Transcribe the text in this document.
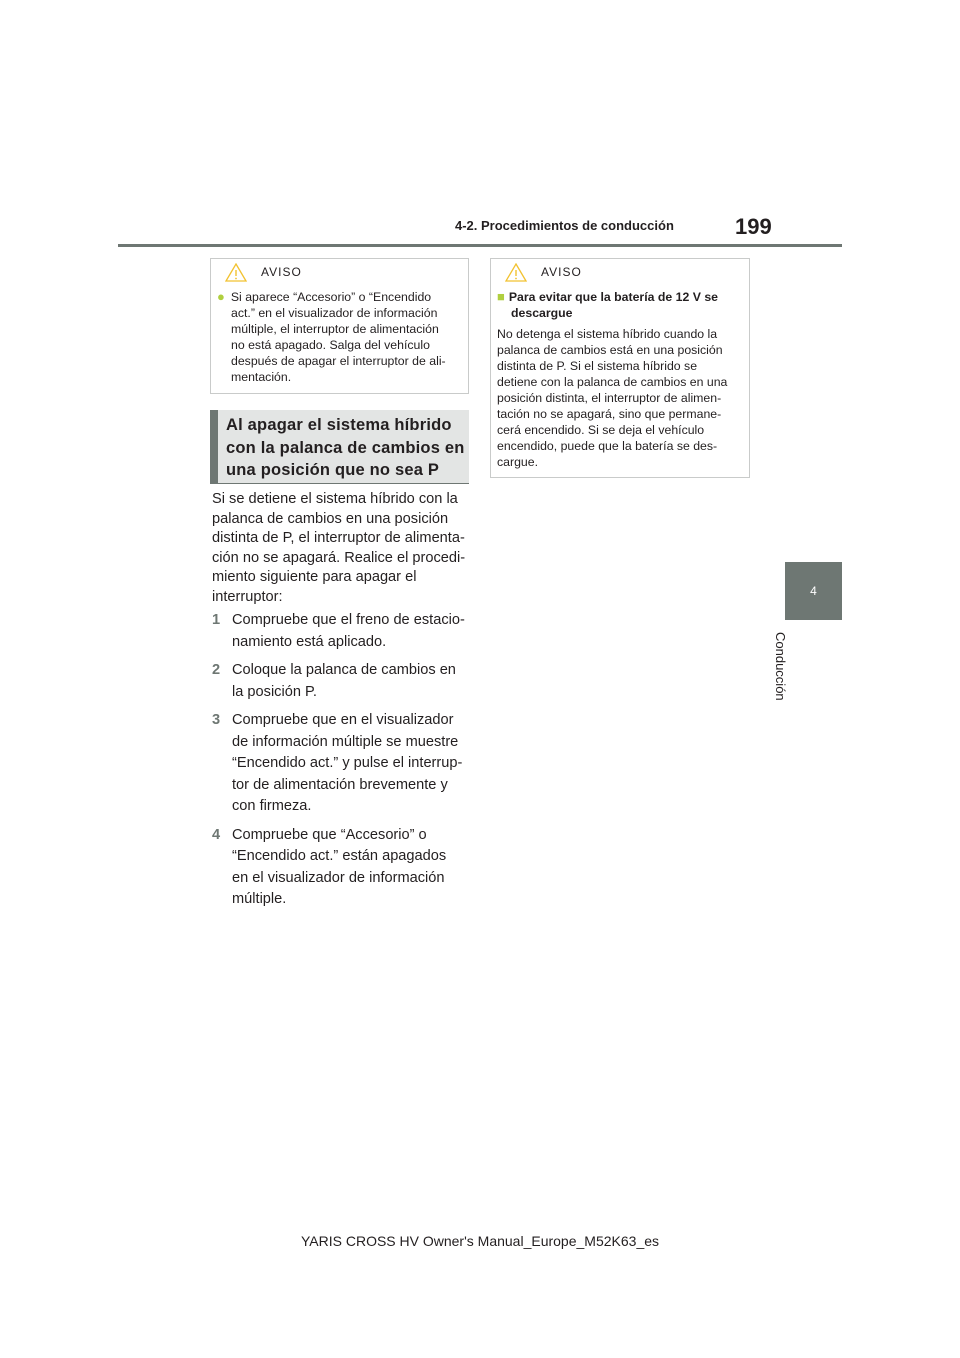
4-2. Procedimientos de conducción	199
4
Conducción
AVISO

● Si aparece “Accesorio” o “Encendido
act.” en el visualizador de información
múltiple, el interruptor de alimentación
no está apagado. Salga del vehículo
después de apagar el interruptor de ali-
mentación.

Al apagar el sistema híbrido
con la palanca de cambios en
una posición que no sea P
Si se detiene el sistema híbrido con la
palanca de cambios en una posición
distinta de P, el interruptor de alimenta-
ción no se apagará. Realice el procedi-
miento siguiente para apagar el
interruptor:
1 Compruebe que el freno de estacio-
namiento está aplicado.
2 Coloque la palanca de cambios en
la posición P.
3 Compruebe que en el visualizador
de información múltiple se muestre
“Encendido act.” y pulse el interrup-
tor de alimentación brevemente y
con firmeza.
4 Compruebe que “Accesorio” o
“Encendido act.” están apagados
en el visualizador de información
múltiple.
AVISO

■ Para evitar que la batería de 12 V se
descargue

No detenga el sistema híbrido cuando la
palanca de cambios está en una posición
distinta de P. Si el sistema híbrido se
detiene con la palanca de cambios en una
posición distinta, el interruptor de alimen-
tación no se apagará, sino que permane-
cerá encendido. Si se deja el vehículo
encendido, puede que la batería se des-
cargue.

YARIS CROSS HV Owner's Manual_Europe_M52K63_es
